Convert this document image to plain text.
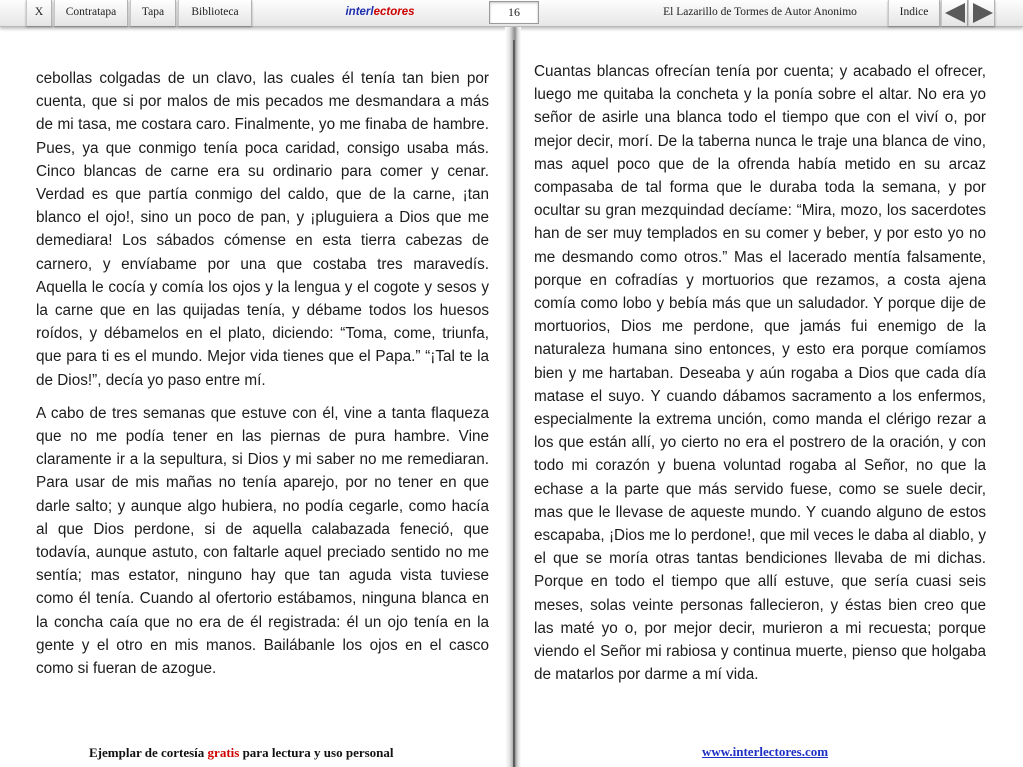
X	Contratapa	Tapa	Biblioteca	interlectores	16	El Lazarillo de Tormes de Autor Anonimo	Indice

cebollas colgadas de un clavo, las cuales él tenía tan bien por cuenta, que si por malos de mis pecados me desmandara a más de mi tasa, me costara caro. Finalmente, yo me finaba de hambre. Pues, ya que conmigo tenía poca caridad, consigo usaba más. Cinco blancas de carne era su ordinario para comer y cenar. Verdad es que partía conmigo del caldo, que de la carne, ¡tan blanco el ojo!, sino un poco de pan, y ¡pluguiera a Dios que me demediara! Los sábados cómense en esta tierra cabezas de carnero, y envíabame por una que costaba tres maravedís. Aquella le cocía y comía los ojos y la lengua y el cogote y sesos y la carne que en las quijadas tenía, y débame todos los huesos roídos, y débamelos en el plato, diciendo: “Toma, come, triunfa, que para ti es el mundo. Mejor vida tienes que el Papa.” “¡Tal te la de Dios!”, decía yo paso entre mí.

A cabo de tres semanas que estuve con él, vine a tanta flaqueza que no me podía tener en las piernas de pura hambre. Vine claramente ir a la sepultura, si Dios y mi saber no me remediaran. Para usar de mis mañas no tenía aparejo, por no tener en que darle salto; y aunque algo hubiera, no podía cegarle, como hacía al que Dios perdone, si de aquella calabazada feneció, que todavía, aunque astuto, con faltarle aquel preciado sentido no me sentía; mas estator, ninguno hay que tan aguda vista tuviese como él tenía. Cuando al ofertorio estábamos, ninguna blanca en la concha caía que no era de él registrada: él un ojo tenía en la gente y el otro en mis manos. Bailábanle los ojos en el casco como si fueran de azogue.

Cuantas blancas ofrecían tenía por cuenta; y acabado el ofrecer, luego me quitaba la concheta y la ponía sobre el altar. No era yo señor de asirle una blanca todo el tiempo que con el viví o, por mejor decir, morí. De la taberna nunca le traje una blanca de vino, mas aquel poco que de la ofrenda había metido en su arcaz compasaba de tal forma que le duraba toda la semana, y por ocultar su gran mezquindad decíame: “Mira, mozo, los sacerdotes han de ser muy templados en su comer y beber, y por esto yo no me desmando como otros.” Mas el lacerado mentía falsamente, porque en cofradías y mortuorios que rezamos, a costa ajena comía como lobo y bebía más que un saludador. Y porque dije de mortuorios, Dios me perdone, que jamás fui enemigo de la naturaleza humana sino entonces, y esto era porque comíamos bien y me hartaban. Deseaba y aún rogaba a Dios que cada día matase el suyo. Y cuando dábamos sacramento a los enfermos, especialmente la extrema unción, como manda el clérigo rezar a los que están allí, yo cierto no era el postrero de la oración, y con todo mi corazón y buena voluntad rogaba al Señor, no que la echase a la parte que más servido fuese, como se suele decir, mas que le llevase de aqueste mundo. Y cuando alguno de estos escapaba, ¡Dios me lo perdone!, que mil veces le daba al diablo, y el que se moría otras tantas bendiciones llevaba de mi dichas. Porque en todo el tiempo que allí estuve, que sería cuasi seis meses, solas veinte personas fallecieron, y éstas bien creo que las maté yo o, por mejor decir, murieron a mi recuesta; porque viendo el Señor mi rabiosa y continua muerte, pienso que holgaba de matarlos por darme a mí vida.

Ejemplar de cortesía gratis para lectura y uso personal	www.interlectores.com
